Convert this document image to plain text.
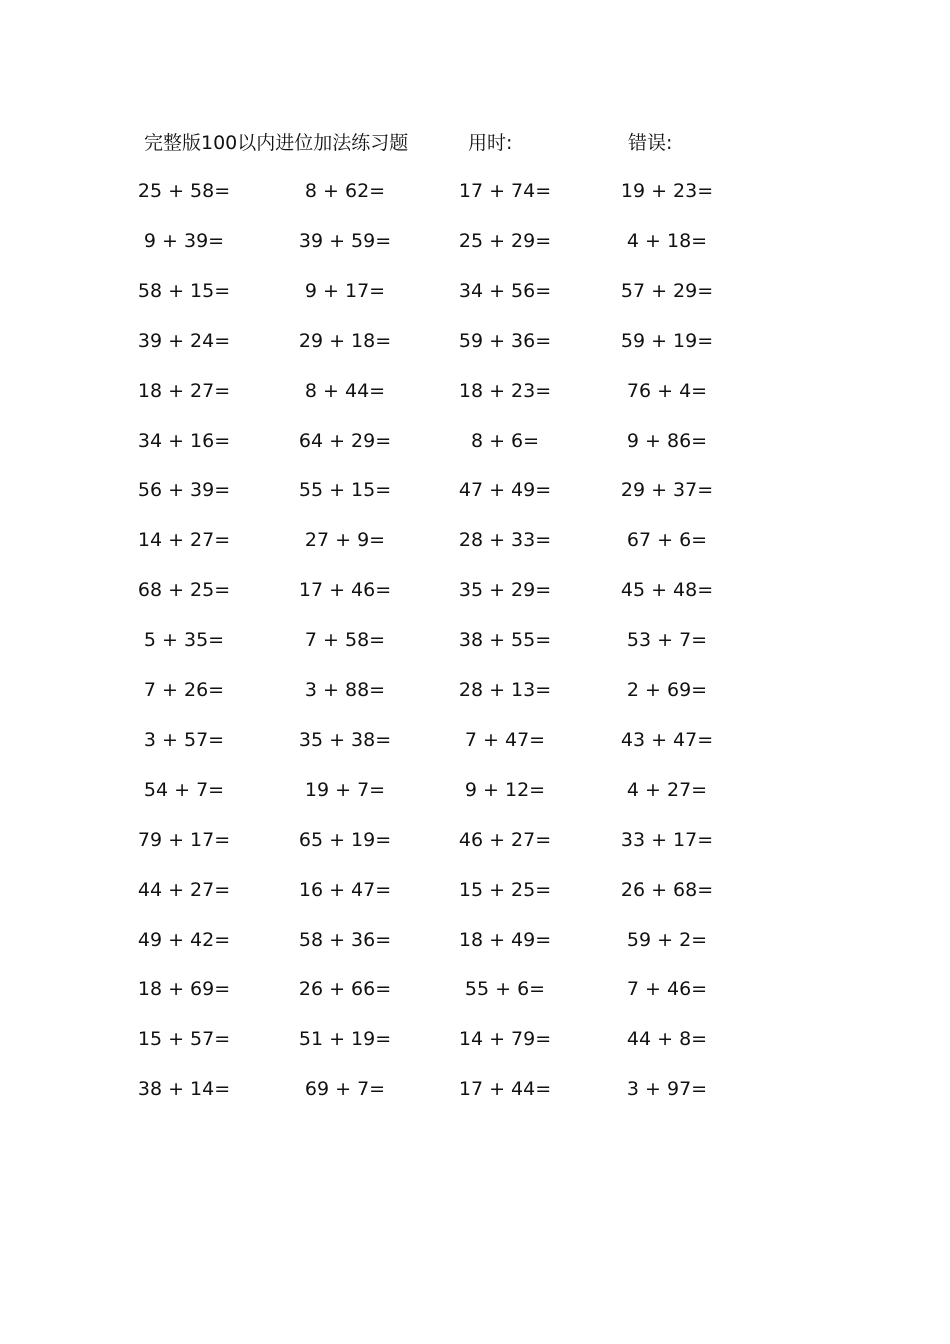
完整版100以内进位加法练习题	用时:	错误:
25 + 58=	8 + 62=	17 + 74=	19 + 23=
9 + 39=	39 + 59=	25 + 29=	4 + 18=
58 + 15=	9 + 17=	34 + 56=	57 + 29=
39 + 24=	29 + 18=	59 + 36=	59 + 19=
18 + 27=	8 + 44=	18 + 23=	76 + 4=
34 + 16=	64 + 29=	8 + 6=	9 + 86=
56 + 39=	55 + 15=	47 + 49=	29 + 37=
14 + 27=	27 + 9=	28 + 33=	67 + 6=
68 + 25=	17 + 46=	35 + 29=	45 + 48=
5 + 35=	7 + 58=	38 + 55=	53 + 7=
7 + 26=	3 + 88=	28 + 13=	2 + 69=
3 + 57=	35 + 38=	7 + 47=	43 + 47=
54 + 7=	19 + 7=	9 + 12=	4 + 27=
79 + 17=	65 + 19=	46 + 27=	33 + 17=
44 + 27=	16 + 47=	15 + 25=	26 + 68=
49 + 42=	58 + 36=	18 + 49=	59 + 2=
18 + 69=	26 + 66=	55 + 6=	7 + 46=
15 + 57=	51 + 19=	14 + 79=	44 + 8=
38 + 14=	69 + 7=	17 + 44=	3 + 97=
